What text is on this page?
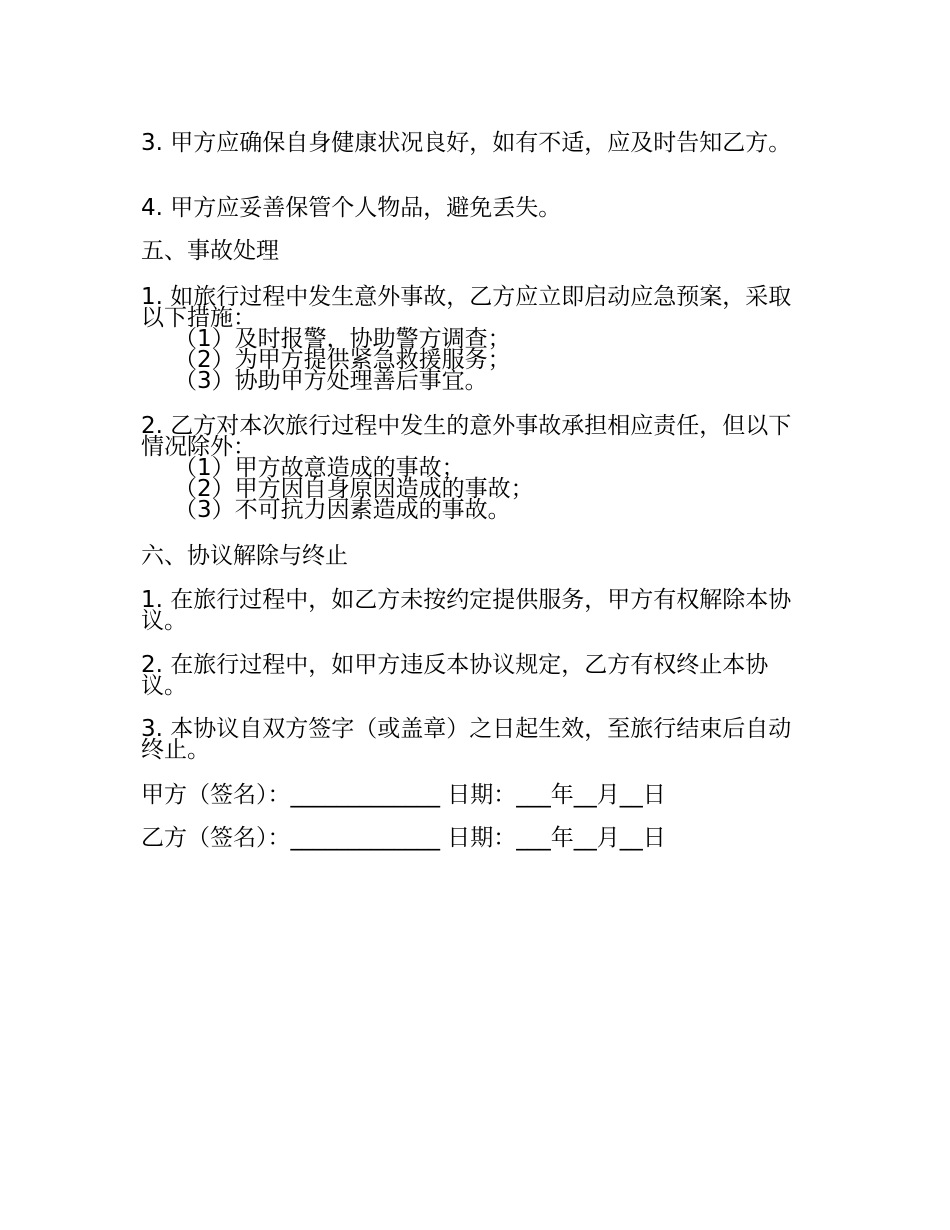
3. 甲方应确保自身健康状况良好，如有不适，应及时告知乙方。
4. 甲方应妥善保管个人物品，避免丢失。
五、事故处理
1. 如旅行过程中发生意外事故，乙方应立即启动应急预案，采取以下措施：
（1）及时报警，协助警方调查；
（2）为甲方提供紧急救援服务；
（3）协助甲方处理善后事宜。
2. 乙方对本次旅行过程中发生的意外事故承担相应责任，但以下情况除外：
（1）甲方故意造成的事故；
（2）甲方因自身原因造成的事故；
（3）不可抗力因素造成的事故。
六、协议解除与终止
1. 在旅行过程中，如乙方未按约定提供服务，甲方有权解除本协议。
2. 在旅行过程中，如甲方违反本协议规定，乙方有权终止本协议。
3. 本协议自双方签字（或盖章）之日起生效，至旅行结束后自动终止。
甲方（签名）：_____________ 日期：___年__月__日
乙方（签名）：_____________ 日期：___年__月__日
